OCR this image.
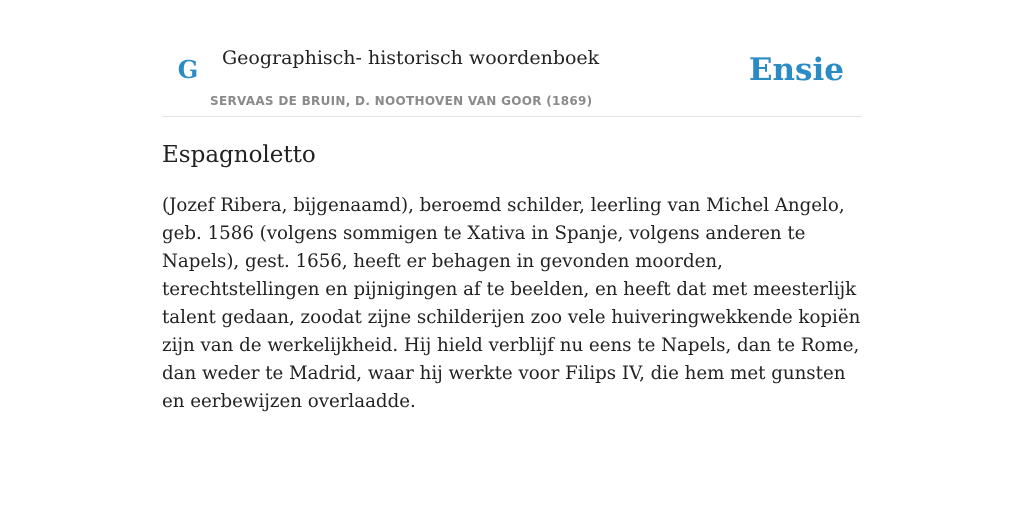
G Geographisch- historisch woordenboek
SERVAAS DE BRUIN, D. NOOTHOVEN VAN GOOR (1869)
Ensie
Espagnoletto

(Jozef Ribera, bijgenaamd), beroemd schilder, leerling van Michel Angelo, geb. 1586 (volgens sommigen te Xativa in Spanje, volgens anderen te Napels), gest. 1656, heeft er behagen in gevonden moorden, terechtstellingen en pijnigingen af te beelden, en heeft dat met meesterlijk talent gedaan, zoodat zijne schilderijen zoo vele huiveringwekkende kopiën zijn van de werkelijkheid. Hij hield verblijf nu eens te Napels, dan te Rome, dan weder te Madrid, waar hij werkte voor Filips IV, die hem met gunsten en eerbewijzen overlaadde.
